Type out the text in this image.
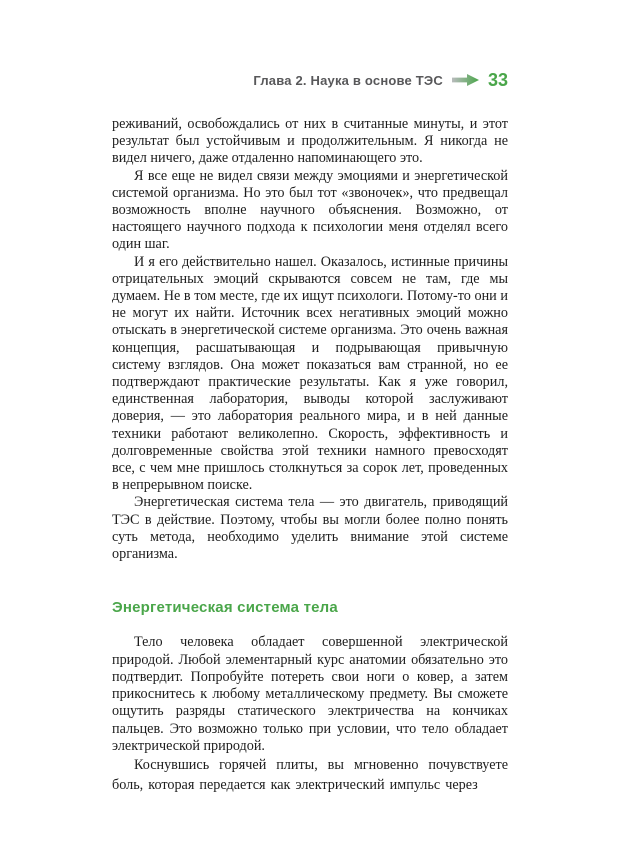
Глава 2. Наука в основе ТЭС	33

реживаний, освобождались от них в считанные минуты, и этот результат был устойчивым и продолжительным. Я никогда не видел ничего, даже отдаленно напоминающего это.

Я все еще не видел связи между эмоциями и энергетической системой организма. Но это был тот «звоночек», что предвещал возможность вполне научного объяснения. Возможно, от настоящего научного подхода к психологии меня отделял всего один шаг.

И я его действительно нашел. Оказалось, истинные причины отрицательных эмоций скрываются совсем не там, где мы думаем. Не в том месте, где их ищут психологи. Потому-то они и не могут их найти. Источник всех негативных эмоций можно отыскать в энергетической системе организма. Это очень важная концепция, расшатывающая и подрывающая привычную систему взглядов. Она может показаться вам странной, но ее подтверждают практические результаты. Как я уже говорил, единственная лаборатория, выводы которой заслуживают доверия, — это лаборатория реального мира, и в ней данные техники работают великолепно. Скорость, эффективность и долговременные свойства этой техники намного превосходят все, с чем мне пришлось столкнуться за сорок лет, проведенных в непрерывном поиске.

Энергетическая система тела — это двигатель, приводящий ТЭС в действие. Поэтому, чтобы вы могли более полно понять суть метода, необходимо уделить внимание этой системе организма.

Энергетическая система тела

Тело человека обладает совершенной электрической природой. Любой элементарный курс анатомии обязательно это подтвердит. Попробуйте потереть свои ноги о ковер, а затем прикоснитесь к любому металлическому предмету. Вы сможете ощутить разряды статического электричества на кончиках пальцев. Это возможно только при условии, что тело обладает электрической природой.

Коснувшись горячей плиты, вы мгновенно почувствуете боль, которая передается как электрический импульс через
